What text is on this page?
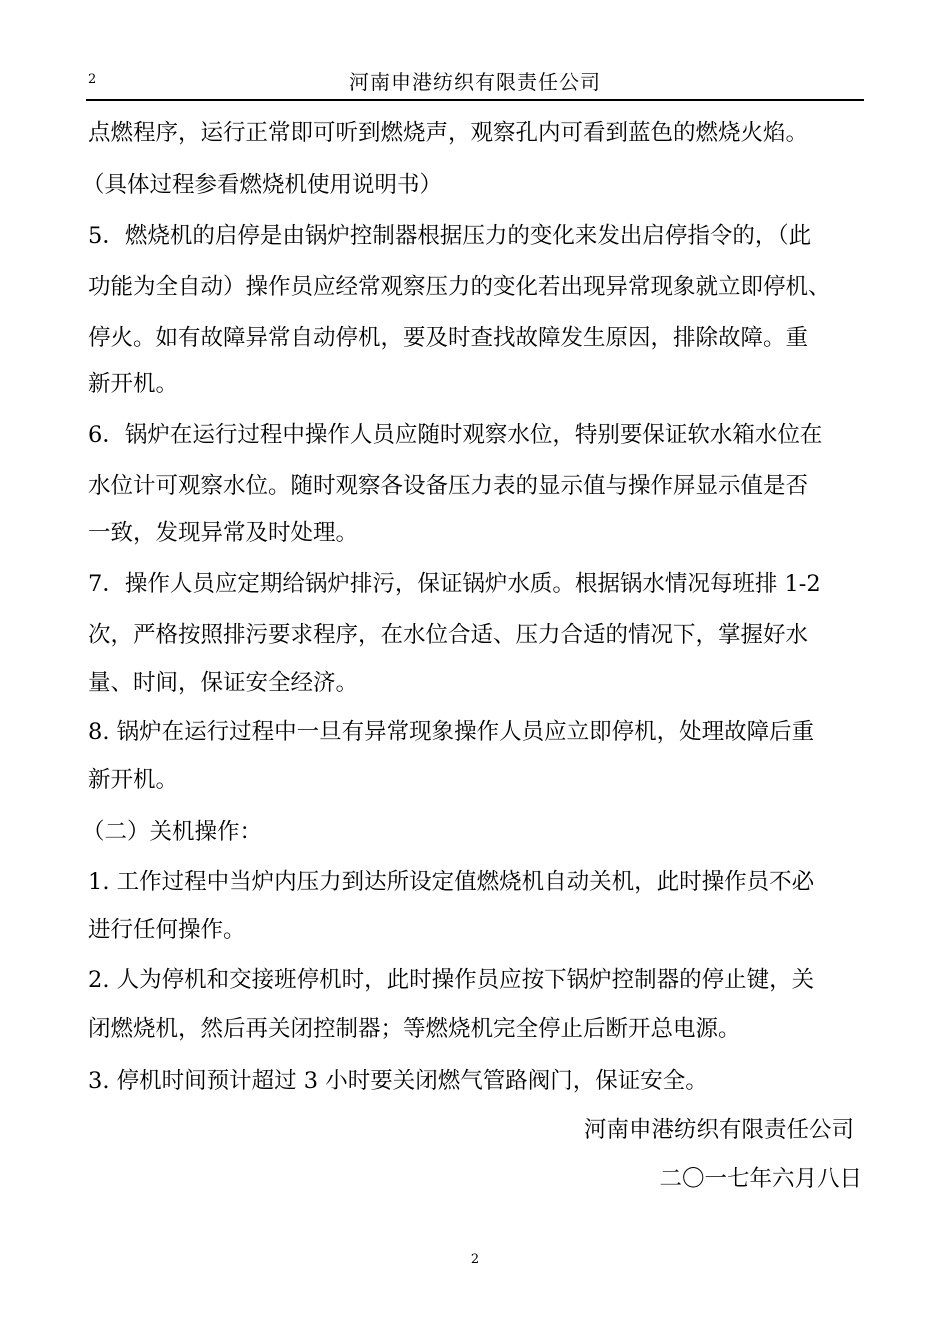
2	河南申港纺织有限责任公司
点燃程序，运行正常即可听到燃烧声，观察孔内可看到蓝色的燃烧火焰。
（具体过程参看燃烧机使用说明书）
5．燃烧机的启停是由锅炉控制器根据压力的变化来发出启停指令的，（此
功能为全自动）操作员应经常观察压力的变化若出现异常现象就立即停机、
停火。如有故障异常自动停机，要及时查找故障发生原因，排除故障。重
新开机。
6．锅炉在运行过程中操作人员应随时观察水位，特别要保证软水箱水位在
水位计可观察水位。随时观察各设备压力表的显示值与操作屏显示值是否
一致，发现异常及时处理。
7．操作人员应定期给锅炉排污，保证锅炉水质。根据锅水情况每班排 1-2
次，严格按照排污要求程序，在水位合适、压力合适的情况下，掌握好水
量、时间，保证安全经济。
8. 锅炉在运行过程中一旦有异常现象操作人员应立即停机，处理故障后重
新开机。
（二）关机操作：
1. 工作过程中当炉内压力到达所设定值燃烧机自动关机，此时操作员不必
进行任何操作。
2. 人为停机和交接班停机时，此时操作员应按下锅炉控制器的停止键，关
闭燃烧机，然后再关闭控制器；等燃烧机完全停止后断开总电源。
3. 停机时间预计超过 3 小时要关闭燃气管路阀门，保证安全。
河南申港纺织有限责任公司
二〇一七年六月八日
2
